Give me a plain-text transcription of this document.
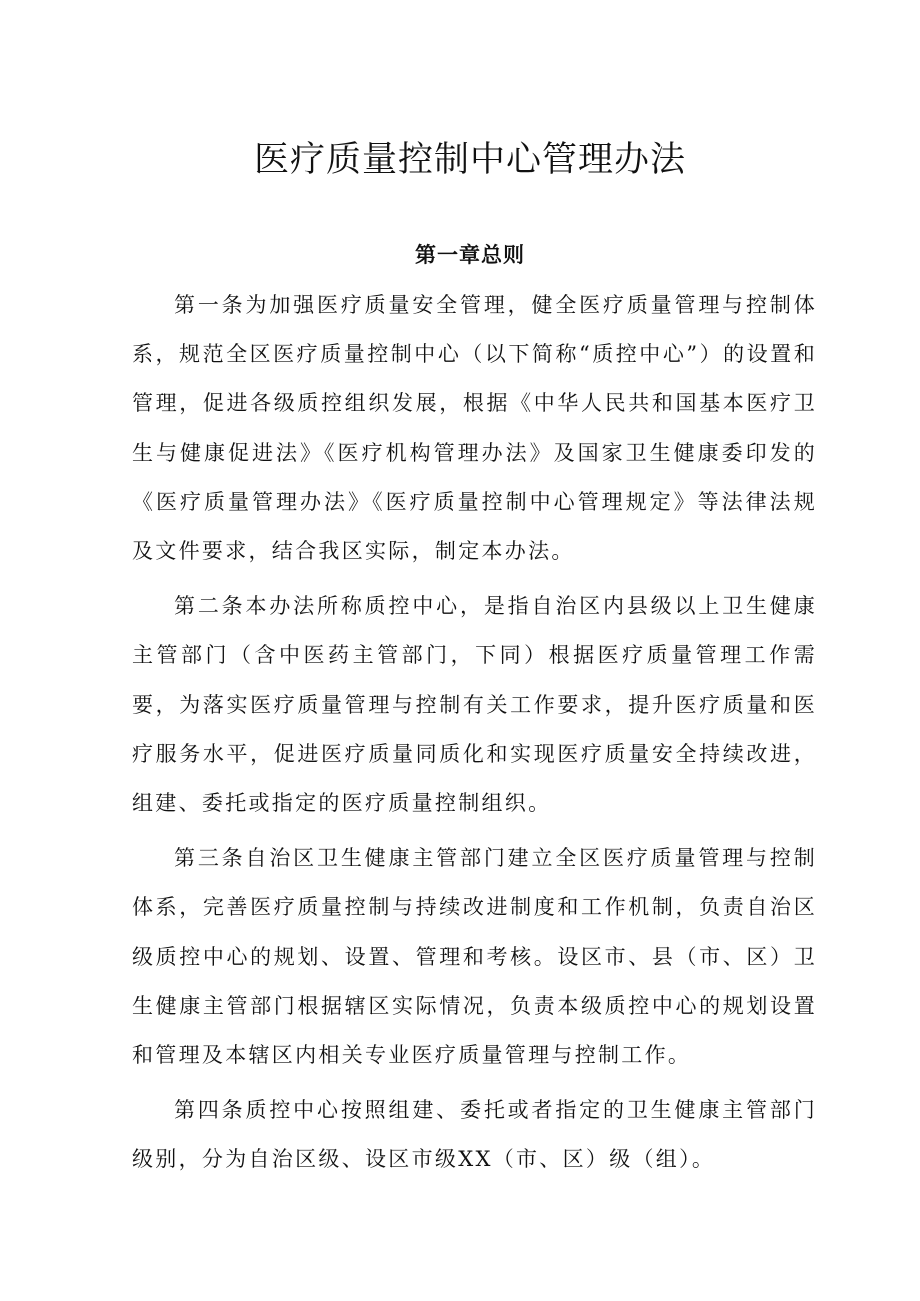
医疗质量控制中心管理办法
第一章总则

第一条为加强医疗质量安全管理，健全医疗质量管理与控制体系，规范全区医疗质量控制中心（以下简称“质控中心”）的设置和管理，促进各级质控组织发展，根据《中华人民共和国基本医疗卫生与健康促进法》《医疗机构管理办法》及国家卫生健康委印发的《医疗质量管理办法》《医疗质量控制中心管理规定》等法律法规及文件要求，结合我区实际，制定本办法。

第二条本办法所称质控中心，是指自治区内县级以上卫生健康主管部门（含中医药主管部门，下同）根据医疗质量管理工作需要，为落实医疗质量管理与控制有关工作要求，提升医疗质量和医疗服务水平，促进医疗质量同质化和实现医疗质量安全持续改进，组建、委托或指定的医疗质量控制组织。

第三条自治区卫生健康主管部门建立全区医疗质量管理与控制体系，完善医疗质量控制与持续改进制度和工作机制，负责自治区级质控中心的规划、设置、管理和考核。设区市、县（市、区）卫生健康主管部门根据辖区实际情况，负责本级质控中心的规划设置和管理及本辖区内相关专业医疗质量管理与控制工作。

第四条质控中心按照组建、委托或者指定的卫生健康主管部门级别，分为自治区级、设区市级XX（市、区）级（组）。
